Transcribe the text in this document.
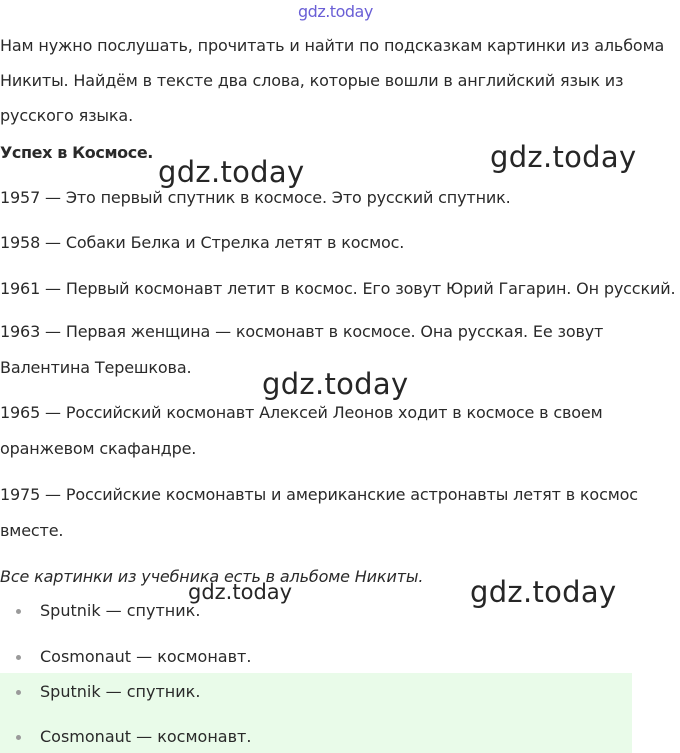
gdz.today
Нам нужно послушать, прочитать и найти по подсказкам картинки из альбома
Никиты. Найдём в тексте два слова, которые вошли в английский язык из
русского языка.
Успех в Космосе.
gdz.today	gdz.today
1957 — Это первый спутник в космосе. Это русский спутник.
1958 — Собаки Белка и Стрелка летят в космос.
1961 — Первый космонавт летит в космос. Его зовут Юрий Гагарин. Он русский.
1963 — Первая женщина — космонавт в космосе. Она русская. Ее зовут
Валентина Терешкова. gdz.today
1965 — Российский космонавт Алексей Леонов ходит в космосе в своем
оранжевом скафандре.
1975 — Российские космонавты и американские астронавты летят в космос
вместе.
Все картинки из учебника есть в альбоме Никиты.
gdz.today	gdz.today
Sputnik — спутник.
Cosmonaut — космонавт.
Sputnik — спутник.
Cosmonaut — космонавт.
